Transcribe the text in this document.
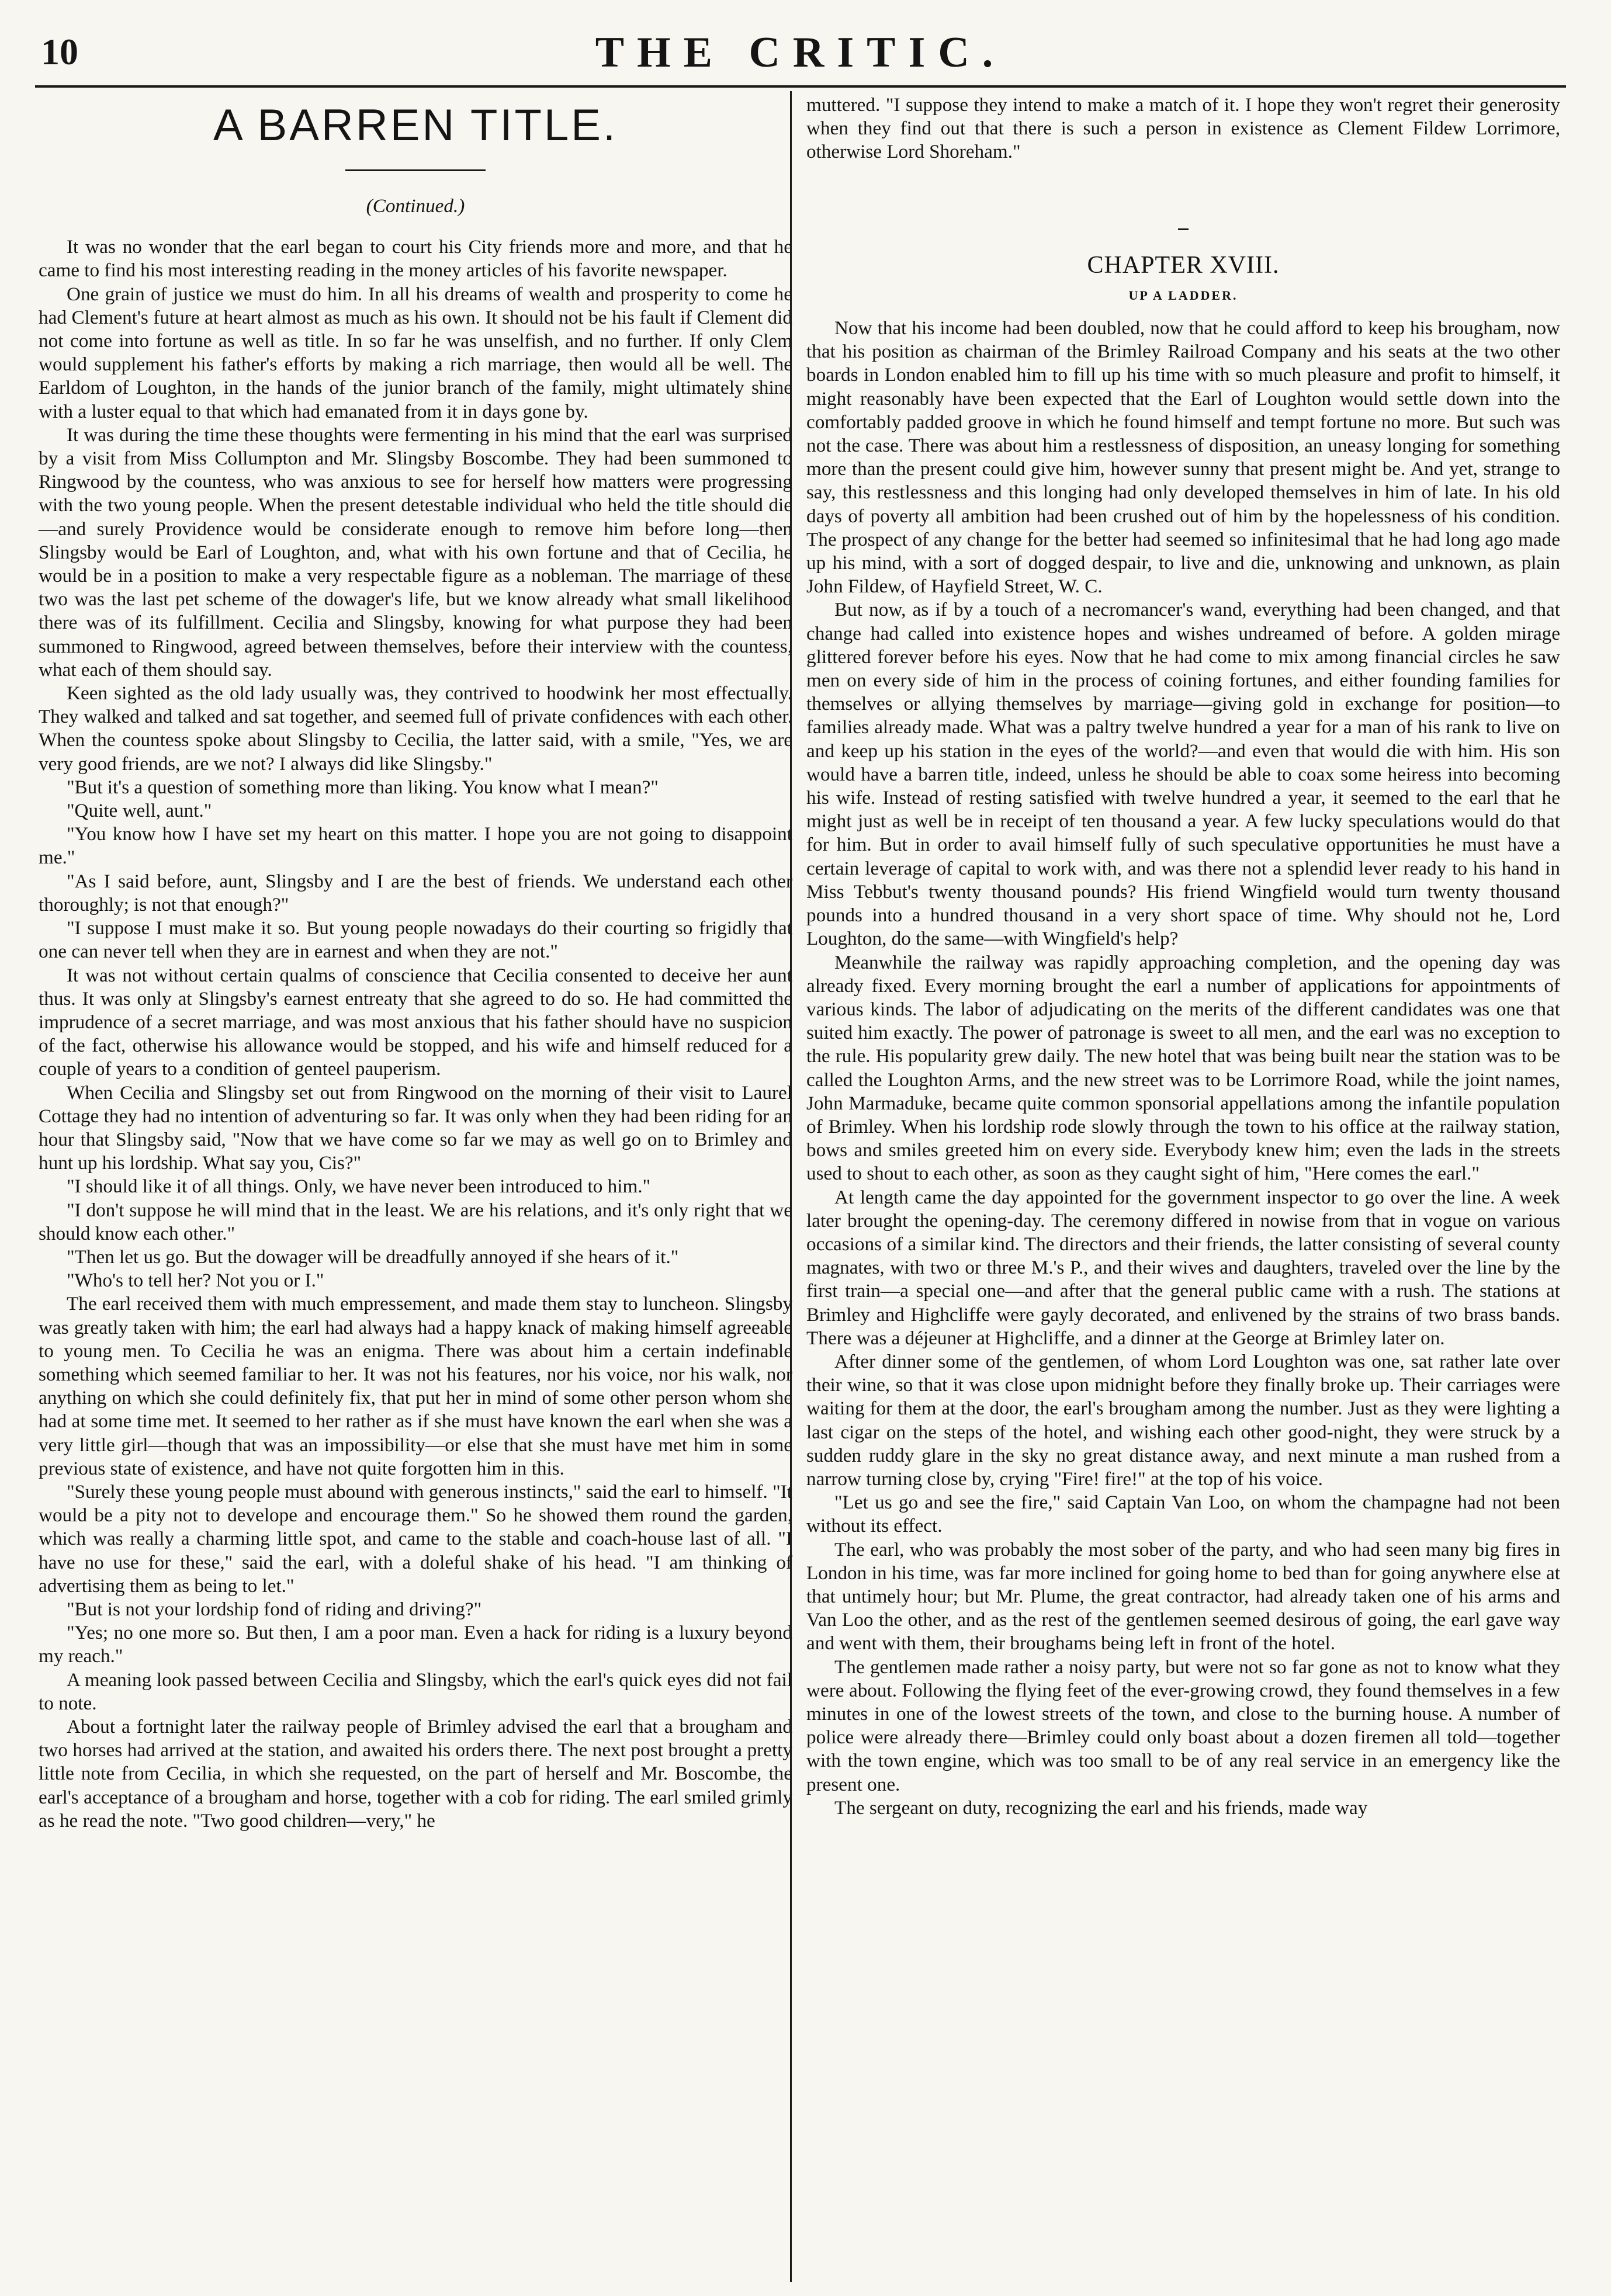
10	THE CRITIC.
A BARREN TITLE.
(Continued.)

It was no wonder that the earl began to court his City friends more and more, and that he came to find his most interesting reading in the money articles of his favorite newspaper.

One grain of justice we must do him. In all his dreams of wealth and prosperity to come he had Clement's future at heart almost as much as his own. It should not be his fault if Clement did not come into fortune as well as title. In so far he was unselfish, and no further. If only Clem would supplement his father's efforts by making a rich marriage, then would all be well. The Earldom of Loughton, in the hands of the junior branch of the family, might ultimately shine with a luster equal to that which had emanated from it in days gone by.

It was during the time these thoughts were fermenting in his mind that the earl was surprised by a visit from Miss Collumpton and Mr. Slingsby Boscombe. They had been summoned to Ringwood by the countess, who was anxious to see for herself how matters were progressing with the two young people. When the present detestable individual who held the title should die—and surely Providence would be considerate enough to remove him before long—then Slingsby would be Earl of Loughton, and, what with his own fortune and that of Cecilia, he would be in a position to make a very respectable figure as a nobleman. The marriage of these two was the last pet scheme of the dowager's life, but we know already what small likelihood there was of its fulfillment. Cecilia and Slingsby, knowing for what purpose they had been summoned to Ringwood, agreed between themselves, before their interview with the countess, what each of them should say.

Keen sighted as the old lady usually was, they contrived to hoodwink her most effectually. They walked and talked and sat together, and seemed full of private confidences with each other. When the countess spoke about Slingsby to Cecilia, the latter said, with a smile, "Yes, we are very good friends, are we not? I always did like Slingsby."

"But it's a question of something more than liking. You know what I mean?"

"Quite well, aunt."

"You know how I have set my heart on this matter. I hope you are not going to disappoint me."

"As I said before, aunt, Slingsby and I are the best of friends. We understand each other thoroughly; is not that enough?"

"I suppose I must make it so. But young people nowadays do their courting so frigidly that one can never tell when they are in earnest and when they are not."

It was not without certain qualms of conscience that Cecilia consented to deceive her aunt thus. It was only at Slingsby's earnest entreaty that she agreed to do so. He had committed the imprudence of a secret marriage, and was most anxious that his father should have no suspicion of the fact, otherwise his allowance would be stopped, and his wife and himself reduced for a couple of years to a condition of genteel pauperism.

When Cecilia and Slingsby set out from Ringwood on the morning of their visit to Laurel Cottage they had no intention of adventuring so far. It was only when they had been riding for an hour that Slingsby said, "Now that we have come so far we may as well go on to Brimley and hunt up his lordship. What say you, Cis?"

"I should like it of all things. Only, we have never been introduced to him."

"I don't suppose he will mind that in the least. We are his relations, and it's only right that we should know each other."

"Then let us go. But the dowager will be dreadfully annoyed if she hears of it."

"Who's to tell her? Not you or I."

The earl received them with much empressement, and made them stay to luncheon. Slingsby was greatly taken with him; the earl had always had a happy knack of making himself agreeable to young men. To Cecilia he was an enigma. There was about him a certain indefinable something which seemed familiar to her. It was not his features, nor his voice, nor his walk, nor anything on which she could definitely fix, that put her in mind of some other person whom she had at some time met. It seemed to her rather as if she must have known the earl when she was a very little girl—though that was an impossibility—or else that she must have met him in some previous state of existence, and have not quite forgotten him in this.

"Surely these young people must abound with generous instincts," said the earl to himself. "It would be a pity not to develope and encourage them." So he showed them round the garden, which was really a charming little spot, and came to the stable and coach-house last of all. "I have no use for these," said the earl, with a doleful shake of his head. "I am thinking of advertising them as being to let."

"But is not your lordship fond of riding and driving?"

"Yes; no one more so. But then, I am a poor man. Even a hack for riding is a luxury beyond my reach."

A meaning look passed between Cecilia and Slingsby, which the earl's quick eyes did not fail to note.

About a fortnight later the railway people of Brimley advised the earl that a brougham and two horses had arrived at the station, and awaited his orders there. The next post brought a pretty little note from Cecilia, in which she requested, on the part of herself and Mr. Boscombe, the earl's acceptance of a brougham and horse, together with a cob for riding. The earl smiled grimly as he read the note. "Two good children—very," he

muttered. "I suppose they intend to make a match of it. I hope they won't regret their generosity when they find out that there is such a person in existence as Clement Fildew Lorrimore, otherwise Lord Shoreham."

CHAPTER XVIII.
UP A LADDER.

Now that his income had been doubled, now that he could afford to keep his brougham, now that his position as chairman of the Brimley Railroad Company and his seats at the two other boards in London enabled him to fill up his time with so much pleasure and profit to himself, it might reasonably have been expected that the Earl of Loughton would settle down into the comfortably padded groove in which he found himself and tempt fortune no more. But such was not the case. There was about him a restlessness of disposition, an uneasy longing for something more than the present could give him, however sunny that present might be. And yet, strange to say, this restlessness and this longing had only developed themselves in him of late. In his old days of poverty all ambition had been crushed out of him by the hopelessness of his condition. The prospect of any change for the better had seemed so infinitesimal that he had long ago made up his mind, with a sort of dogged despair, to live and die, unknowing and unknown, as plain John Fildew, of Hayfield Street, W. C.

But now, as if by a touch of a necromancer's wand, everything had been changed, and that change had called into existence hopes and wishes undreamed of before. A golden mirage glittered forever before his eyes. Now that he had come to mix among financial circles he saw men on every side of him in the process of coining fortunes, and either founding families for themselves or allying themselves by marriage—giving gold in exchange for position—to families already made. What was a paltry twelve hundred a year for a man of his rank to live on and keep up his station in the eyes of the world?—and even that would die with him. His son would have a barren title, indeed, unless he should be able to coax some heiress into becoming his wife. Instead of resting satisfied with twelve hundred a year, it seemed to the earl that he might just as well be in receipt of ten thousand a year. A few lucky speculations would do that for him. But in order to avail himself fully of such speculative opportunities he must have a certain leverage of capital to work with, and was there not a splendid lever ready to his hand in Miss Tebbut's twenty thousand pounds? His friend Wingfield would turn twenty thousand pounds into a hundred thousand in a very short space of time. Why should not he, Lord Loughton, do the same—with Wingfield's help?

Meanwhile the railway was rapidly approaching completion, and the opening day was already fixed. Every morning brought the earl a number of applications for appointments of various kinds. The labor of adjudicating on the merits of the different candidates was one that suited him exactly. The power of patronage is sweet to all men, and the earl was no exception to the rule. His popularity grew daily. The new hotel that was being built near the station was to be called the Loughton Arms, and the new street was to be Lorrimore Road, while the joint names, John Marmaduke, became quite common sponsorial appellations among the infantile population of Brimley. When his lordship rode slowly through the town to his office at the railway station, bows and smiles greeted him on every side. Everybody knew him; even the lads in the streets used to shout to each other, as soon as they caught sight of him, "Here comes the earl."

At length came the day appointed for the government inspector to go over the line. A week later brought the opening-day. The ceremony differed in nowise from that in vogue on various occasions of a similar kind. The directors and their friends, the latter consisting of several county magnates, with two or three M.'s P., and their wives and daughters, traveled over the line by the first train—a special one—and after that the general public came with a rush. The stations at Brimley and Highcliffe were gayly decorated, and enlivened by the strains of two brass bands. There was a déjeuner at Highcliffe, and a dinner at the George at Brimley later on.

After dinner some of the gentlemen, of whom Lord Loughton was one, sat rather late over their wine, so that it was close upon midnight before they finally broke up. Their carriages were waiting for them at the door, the earl's brougham among the number. Just as they were lighting a last cigar on the steps of the hotel, and wishing each other good-night, they were struck by a sudden ruddy glare in the sky no great distance away, and next minute a man rushed from a narrow turning close by, crying "Fire! fire!" at the top of his voice.

"Let us go and see the fire," said Captain Van Loo, on whom the champagne had not been without its effect.

The earl, who was probably the most sober of the party, and who had seen many big fires in London in his time, was far more inclined for going home to bed than for going anywhere else at that untimely hour; but Mr. Plume, the great contractor, had already taken one of his arms and Van Loo the other, and as the rest of the gentlemen seemed desirous of going, the earl gave way and went with them, their broughams being left in front of the hotel.

The gentlemen made rather a noisy party, but were not so far gone as not to know what they were about. Following the flying feet of the ever-growing crowd, they found themselves in a few minutes in one of the lowest streets of the town, and close to the burning house. A number of police were already there—Brimley could only boast about a dozen firemen all told—together with the town engine, which was too small to be of any real service in an emergency like the present one.

The sergeant on duty, recognizing the earl and his friends, made way
